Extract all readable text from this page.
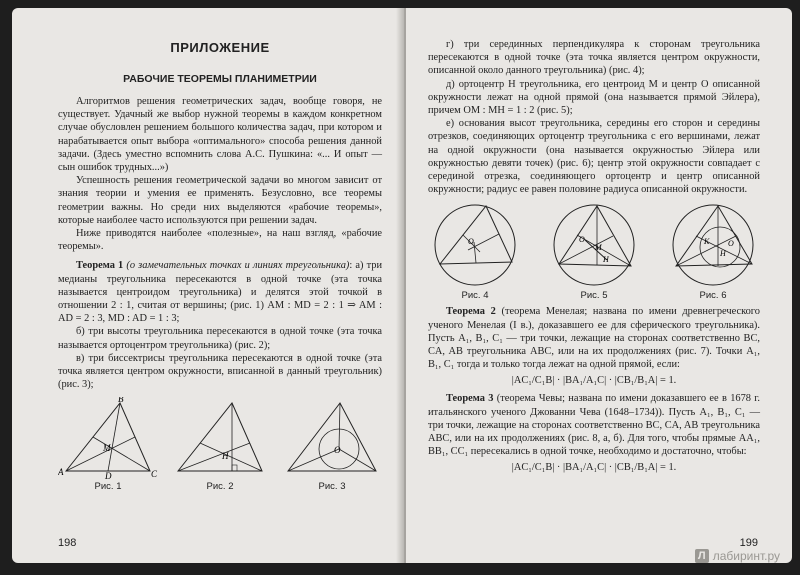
ПРИЛОЖЕНИЕ
РАБОЧИЕ ТЕОРЕМЫ ПЛАНИМЕТРИИ

Алгоритмов решения геометрических задач, вообще говоря, не существует. Удачный же выбор нужной теоремы в каждом конкретном случае обусловлен решением большого количества задач, при котором и нарабатывается опыт выбора «оптимального» способа решения данной задачи. (Здесь уместно вспомнить слова А.С. Пушкина: «... И опыт — сын ошибок трудных...»)

Успешность решения геометрической задачи во многом зависит от знания теории и умения ее применять. Безусловно, все теоремы геометрии важны. Но среди них выделяются «рабочие теоремы», которые наиболее часто используются при решении задач.

Ниже приводятся наиболее «полезные», на наш взгляд, «рабочие теоремы».

Теорема 1 (о замечательных точках и линиях треугольника): а) три медианы треугольника пересекаются в одной точке (эта точка называется центроидом треугольника) и делятся этой точкой в отношении 2 : 1, считая от вершины; (рис. 1) AM : MD = 2 : 1 ⇒ AM : AD = 2 : 3, MD : AD = 1 : 3;

б) три высоты треугольника пересекаются в одной точке (эта точка называется ортоцентром треугольника) (рис. 2);

в) три биссектрисы треугольника пересекаются в одной точке (эта точка является центром окружности, вписанной в данный треугольник) (рис. 3);

A
B
C
D
M
Рис. 1
H
Рис. 2
O
Рис. 3
198

г) три серединных перпендикуляра к сторонам треугольника пересекаются в одной точке (эта точка является центром окружности, описанной около данного треугольника) (рис. 4);

д) ортоцентр H треугольника, его центроид M и центр O описанной окружности лежат на одной прямой (она называется прямой Эйлера), причем OM : MH = 1 : 2 (рис. 5);

е) основания высот треугольника, середины его сторон и середины отрезков, соединяющих ортоцентр треугольника с его вершинами, лежат на одной окружности (она называется окружностью Эйлера или окружностью девяти точек) (рис. 6); центр этой окружности совпадает с серединой отрезка, соединяющего ортоцентр и центр описанной окружности; радиус ее равен половине радиуса описанной окружности.

O
Рис. 4
O
M
H
Рис. 5
K
H
O
Рис. 6

Теорема 2 (теорема Менелая; названа по имени древнегреческого ученого Менелая (I в.), доказавшего ее для сферического треугольника). Пусть A₁, B₁, C₁ — три точки, лежащие на сторонах соответственно BC, CA, AB треугольника ABC, или на их продолжениях (рис. 7). Точки A₁, B₁, C₁ тогда и только тогда лежат на одной прямой, если:

|AC₁/C₁B| · |BA₁/A₁C| · |CB₁/B₁A| = 1.

Теорема 3 (теорема Чевы; названа по имени доказавшего ее в 1678 г. итальянского ученого Джованни Чева (1648–1734)). Пусть A₁, B₁, C₁ — три точки, лежащие на сторонах соответственно BC, CA, AB треугольника ABC, или на их продолжениях (рис. 8, а, б). Для того, чтобы прямые AA₁, BB₁, CC₁ пересекались в одной точке, необходимо и достаточно, чтобы:

|AC₁/C₁B| · |BA₁/A₁C| · |CB₁/B₁A| = 1.
199
Л лабиринт.ру
